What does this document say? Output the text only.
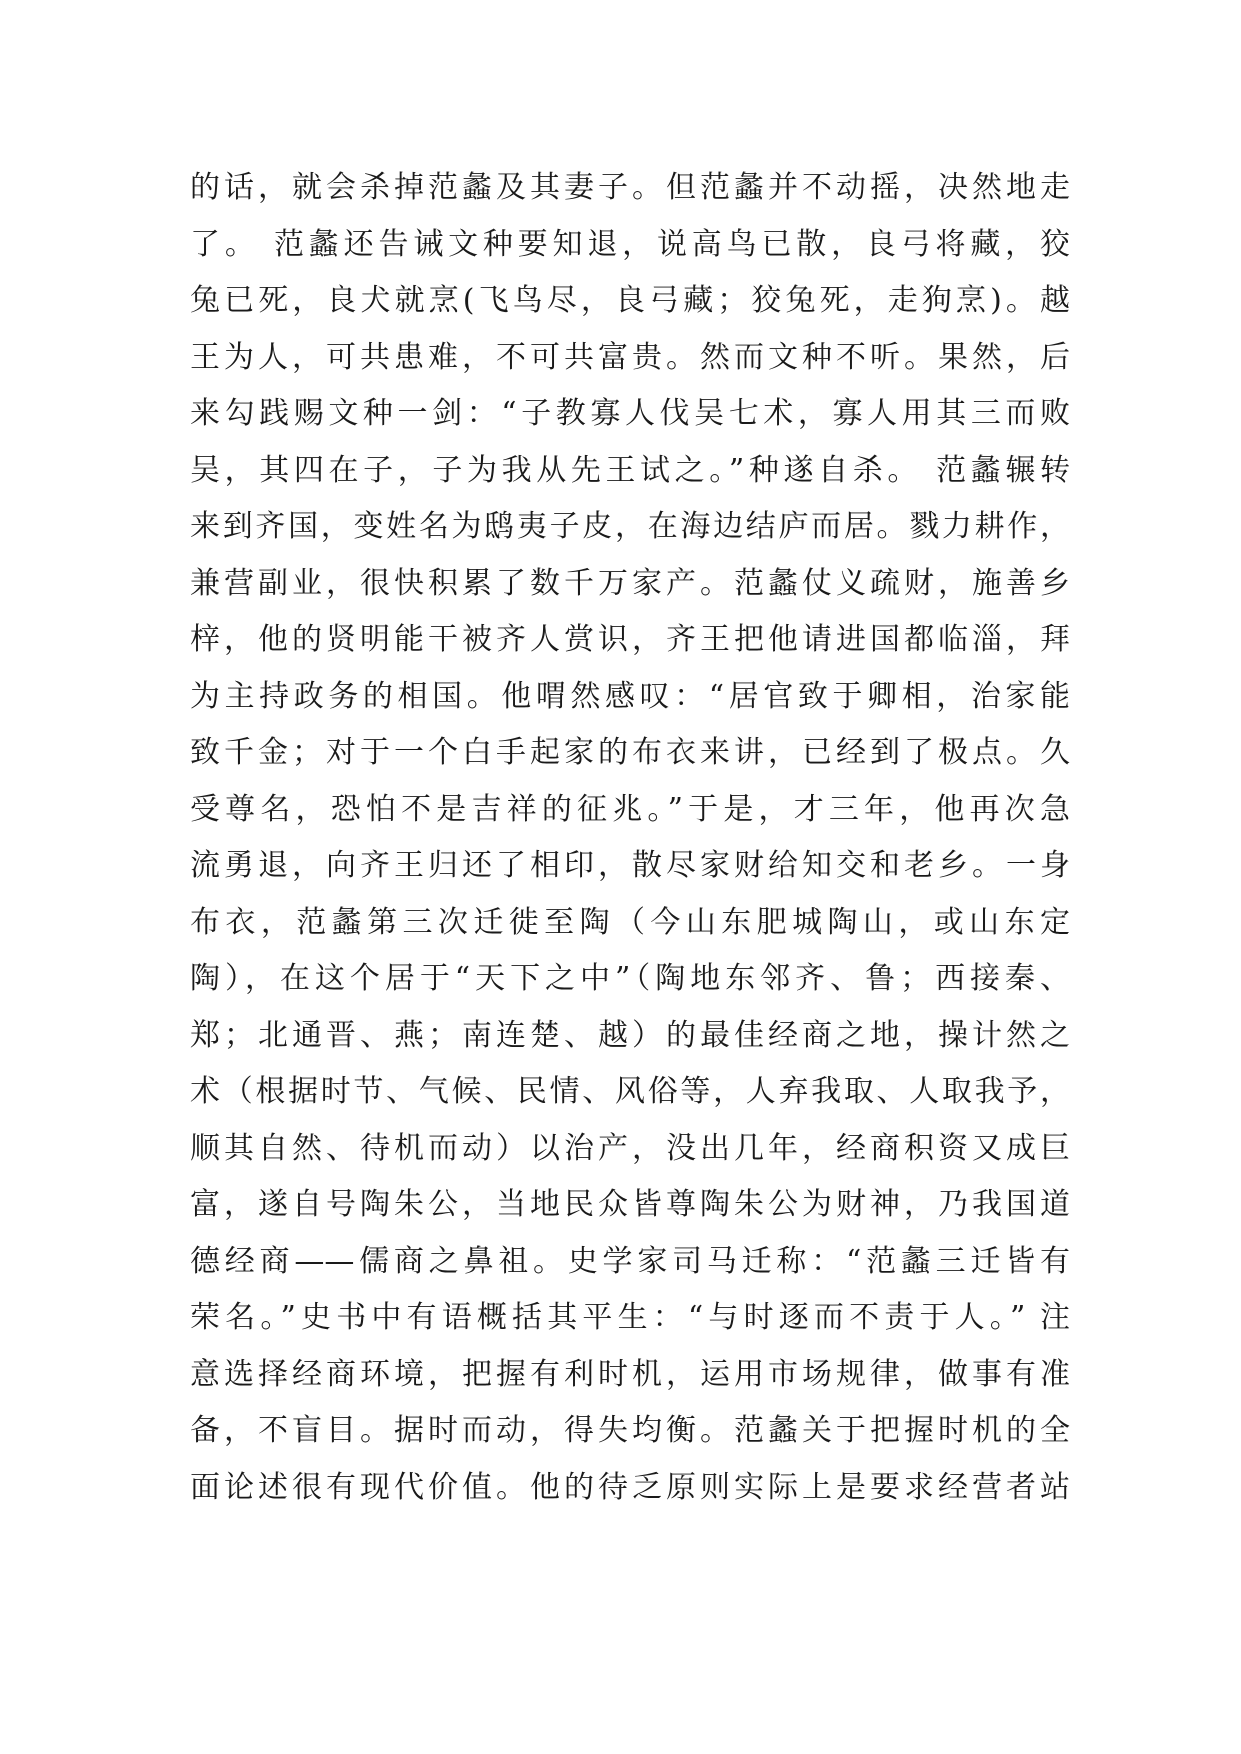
的话，就会杀掉范蠡及其妻子。但范蠡并不动摇，决然地走
了。 范蠡还告诫文种要知退，说高鸟已散，良弓将藏，狡
兔已死，良犬就烹(飞鸟尽，良弓藏；狡兔死，走狗烹)。越
王为人，可共患难，不可共富贵。然而文种不听。果然，后
来勾践赐文种一剑：“子教寡人伐吴七术，寡人用其三而败
吴，其四在子，子为我从先王试之。”种遂自杀。 范蠡辗转
来到齐国，变姓名为鸱夷子皮，在海边结庐而居。戮力耕作，
兼营副业，很快积累了数千万家产。范蠡仗义疏财，施善乡
梓，他的贤明能干被齐人赏识，齐王把他请进国都临淄，拜
为主持政务的相国。他喟然感叹：“居官致于卿相，治家能
致千金；对于一个白手起家的布衣来讲，已经到了极点。久
受尊名，恐怕不是吉祥的征兆。”于是，才三年，他再次急
流勇退，向齐王归还了相印，散尽家财给知交和老乡。一身
布衣，范蠡第三次迁徙至陶（今山东肥城陶山，或山东定
陶），在这个居于“天下之中”（陶地东邻齐、鲁；西接秦、
郑；北通晋、燕；南连楚、越）的最佳经商之地，操计然之
术（根据时节、气候、民情、风俗等，人弃我取、人取我予，
顺其自然、待机而动）以治产，没出几年，经商积资又成巨
富，遂自号陶朱公，当地民众皆尊陶朱公为财神，乃我国道
德经商——儒商之鼻祖。史学家司马迁称：“范蠡三迁皆有
荣名。”史书中有语概括其平生：“与时逐而不责于人。” 注
意选择经商环境，把握有利时机，运用市场规律，做事有准
备，不盲目。据时而动，得失均衡。范蠡关于把握时机的全
面论述很有现代价值。他的待乏原则实际上是要求经营者站
